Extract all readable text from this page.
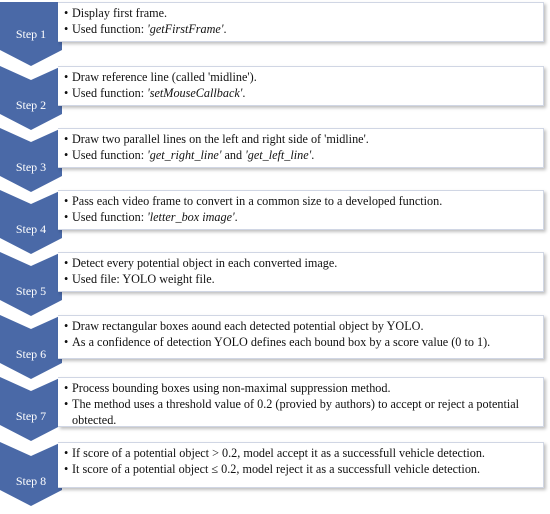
Step 1
• Display first frame.
• Used function: 'getFirstFrame'.
Step 2
• Draw reference line (called 'midline').
• Used function: 'setMouseCallback'.
Step 3
• Draw two parallel lines on the left and right side of 'midline'.
• Used function: 'get_right_line' and 'get_left_line'.
Step 4
• Pass each video frame to convert in a common size to a developed function.
• Used function: 'letter_box image'.
Step 5
• Detect every potential object in each converted image.
• Used file: YOLO weight file.
Step 6
• Draw rectangular boxes aound each detected potential object by YOLO.
• As a confidence of detection YOLO defines each bound box by a score value (0 to 1).
Step 7
• Process bounding boxes using non-maximal suppression method.
• The method uses a threshold value of 0.2 (provied by authors) to accept or reject a potential obtected.
Step 8
• If score of a potential object > 0.2, model accept it as a successfull vehicle detection.
• It score of a potential object ≤ 0.2, model reject it as a successfull vehicle detection.
